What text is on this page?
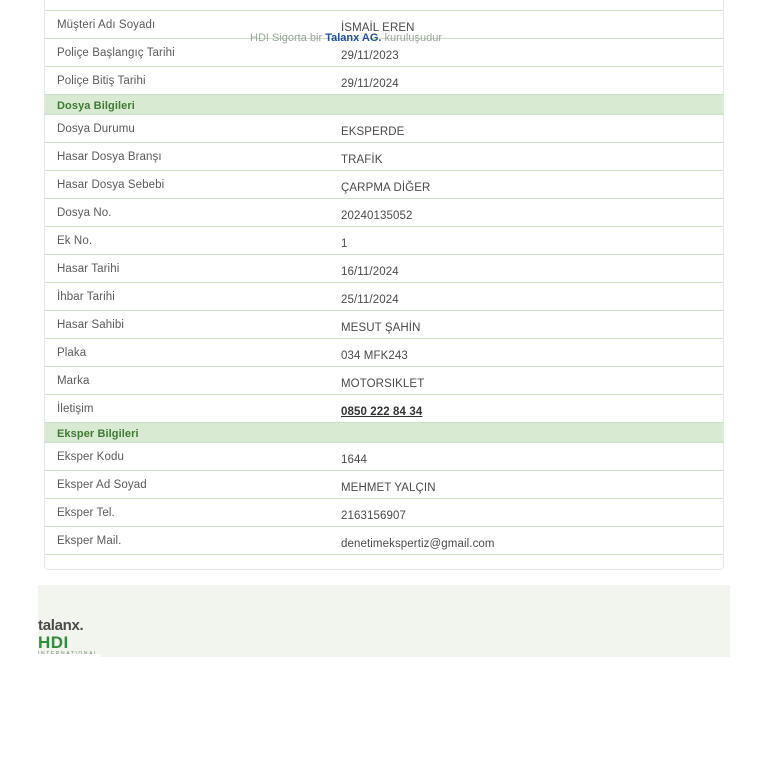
Müşteri Adı Soyadı	İSMAİL EREN
Poliçe Başlangıç Tarihi	29/11/2023
Poliçe Bitiş Tarihi	29/11/2024
Dosya Bilgileri	
Dosya Durumu	EKSPERDE
Hasar Dosya Branşı	TRAFİK
Hasar Dosya Sebebi	ÇARPMA DİĞER
Dosya No.	20240135052
Ek No.	1
Hasar Tarihi	16/11/2024
İhbar Tarihi	25/11/2024
Hasar Sahibi	MESUT ŞAHİN
Plaka	034 MFK243
Marka	MOTORSIKLET
İletişim	0850 222 84 34
Eksper Bilgileri	
Eksper Kodu	1644
Eksper Ad Soyad	MEHMET YALÇIN
Eksper Tel.	2163156907
Eksper Mail.	denetimekspertiz@gmail.com
HDI Sigorta bir Talanx AG. kuruluşudur
talanx.
HDI
